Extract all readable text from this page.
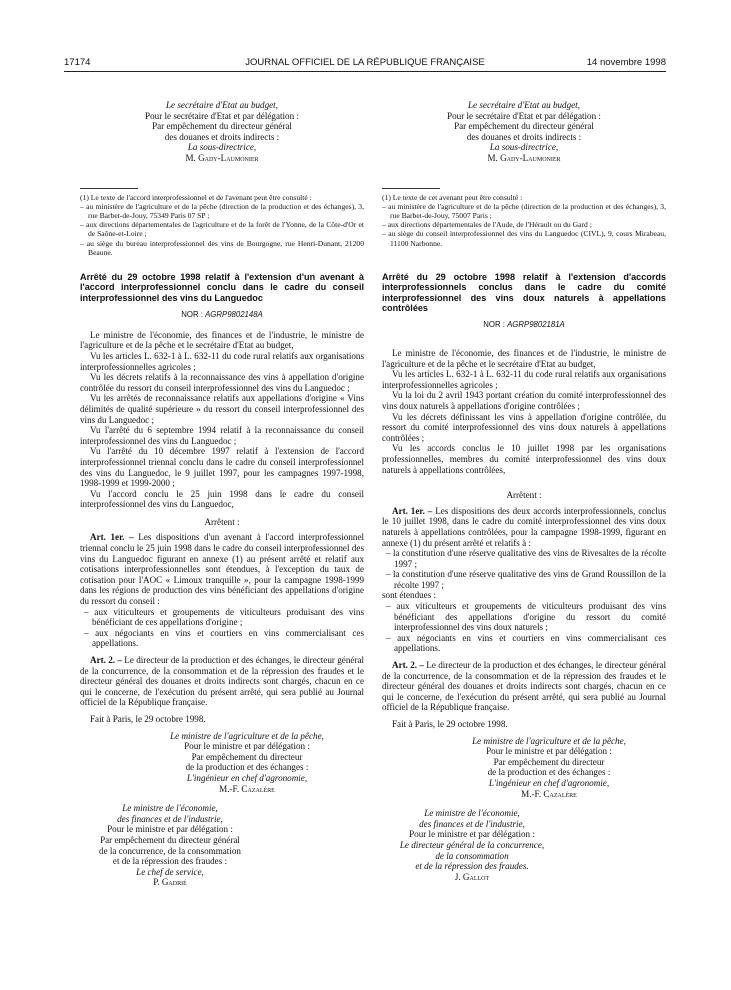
17174	JOURNAL OFFICIEL DE LA RÉPUBLIQUE FRANÇAISE	14 novembre 1998
Le secrétaire d'Etat au budget,
Pour le secrétaire d'Etat et par délégation :
Par empêchement du directeur général
des douanes et droits indirects :
La sous-directrice,
M. Gady-Laumonier

(1) Le texte de l'accord interprofessionnel et de l'avenant peut être consulté :

– au ministère de l'agriculture et de la pêche (direction de la production et des échanges), 3, rue Barbet-de-Jouy, 75349 Paris 07 SP ;

– aux directions départementales de l'agriculture et de la forêt de l'Yonne, de la Côte-d'Or et de Saône-et-Loire ;

– au siège du bureau interprofessionnel des vins de Bourgogne, rue Henri-Dunant, 21200 Beaune.

Arrêté du 29 octobre 1998 relatif à l'extension d'un avenant à l'accord interprofessionnel conclu dans le cadre du conseil interprofessionnel des vins du Languedoc

NOR : AGRP9802148A

Le ministre de l'économie, des finances et de l'industrie, le ministre de l'agriculture et de la pêche et le secrétaire d'Etat au budget,

Vu les articles L. 632-1 à L. 632-11 du code rural relatifs aux organisations interprofessionnelles agricoles ;

Vu les décrets relatifs à la reconnaissance des vins à appellation d'origine contrôlée du ressort du conseil interprofessionnel des vins du Languedoc ;

Vu les arrêtés de reconnaissance relatifs aux appellations d'origine « Vins délimités de qualité supérieure » du ressort du conseil interprofessionnel des vins du Languedoc ;

Vu l'arrêté du 6 septembre 1994 relatif à la reconnaissance du conseil interprofessionnel des vins du Languedoc ;

Vu l'arrêté du 10 décembre 1997 relatif à l'extension de l'accord interprofessionnel triennal conclu dans le cadre du conseil interprofessionnel des vins du Languedoc, le 9 juillet 1997, pour les campagnes 1997-1998, 1998-1999 et 1999-2000 ;

Vu l'accord conclu le 25 juin 1998 dans le cadre du conseil interprofessionnel des vins du Languedoc,

Arrêtent :

Art. 1er. – Les dispositions d'un avenant à l'accord interprofessionnel triennal conclu le 25 juin 1998 dans le cadre du conseil interprofessionnel des vins du Languedoc figurant en annexe (1) au présent arrêté et relatif aux cotisations interprofessionnelles sont étendues, à l'exception du taux de cotisation pour l'AOC « Limoux tranquille », pour la campagne 1998-1999 dans les régions de production des vins bénéficiant des appellations d'origine du ressort du conseil :

– aux viticulteurs et groupements de viticulteurs produisant des vins bénéficiant de ces appellations d'origine ;

– aux négociants en vins et courtiers en vins commercialisant ces appellations.

Art. 2. – Le directeur de la production et des échanges, le directeur général de la concurrence, de la consommation et de la répression des fraudes et le directeur général des douanes et droits indirects sont chargés, chacun en ce qui le concerne, de l'exécution du présent arrêté, qui sera publié au Journal officiel de la République française.

Fait à Paris, le 29 octobre 1998.

Le ministre de l'agriculture et de la pêche,
Pour le ministre et par délégation :
Par empêchement du directeur
de la production et des échanges :
L'ingénieur en chef d'agronomie,
M.-F. Cazalère
Le ministre de l'économie,
des finances et de l'industrie,
Pour le ministre et par délégation :
Par empêchement du directeur général
de la concurrence, de la consommation
et de la répression des fraudes :
Le chef de service,
P. Gadrié
Le secrétaire d'Etat au budget,
Pour le secrétaire d'Etat et par délégation :
Par empêchement du directeur général
des douanes et droits indirects :
La sous-directrice,
M. Gady-Laumonier

(1) Le texte de cet avenant peut être consulté :

– au ministère de l'agriculture et de la pêche (direction de la production et des échanges), 3, rue Barbet-de-Jouy, 75007 Paris ;

– aux directions départementales de l'Aude, de l'Hérault ou du Gard ;

– au siège du conseil interprofessionnel des vins du Languedoc (CIVL), 9, cours Mirabeau, 11100 Narbonne.

Arrêté du 29 octobre 1998 relatif à l'extension d'accords interprofessionnels conclus dans le cadre du comité interprofessionnel des vins doux naturels à appellations contrôlées

NOR : AGRP9802181A

Le ministre de l'économie, des finances et de l'industrie, le ministre de l'agriculture et de la pêche et le secrétaire d'Etat au budget,

Vu les articles L. 632-1 à L. 632-11 du code rural relatifs aux organisations interprofessionnelles agricoles ;

Vu la loi du 2 avril 1943 portant création du comité interprofessionnel des vins doux naturels à appellations d'origine contrôlées ;

Vu les décrets définissant les vins à appellation d'origine contrôlée, du ressort du comité interprofessionnel des vins doux naturels à appellations contrôlées ;

Vu les accords conclus le 10 juillet 1998 par les organisations professionnelles, membres du comité interprofessionnel des vins doux naturels à appellations contrôlées,

Arrêtent :

Art. 1er. – Les dispositions des deux accords interprofessionnels, conclus le 10 juillet 1998, dans le cadre du comité interprofessionnel des vins doux naturels à appellations contrôlées, pour la campagne 1998-1999, figurant en annexe (1) du présent arrêté et relatifs à :

– la constitution d'une réserve qualitative des vins de Rivesaltes de la récolte 1997 ;

– la constitution d'une réserve qualitative des vins de Grand Roussillon de la récolte 1997 ;

sont étendues :

– aux viticulteurs et groupements de viticulteurs produisant des vins bénéficiant des appellations d'origine du ressort du comité interprofessionnel des vins doux naturels ;

– aux négociants en vins et courtiers en vins commercialisant ces appellations.

Art. 2. – Le directeur de la production et des échanges, le directeur général de la concurrence, de la consommation et de la répression des fraudes et le directeur général des douanes et droits indirects sont chargés, chacun en ce qui le concerne, de l'exécution du présent arrêté, qui sera publié au Journal officiel de la République française.

Fait à Paris, le 29 octobre 1998.

Le ministre de l'agriculture et de la pêche,
Pour le ministre et par délégation :
Par empêchement du directeur
de la production et des échanges :
L'ingénieur en chef d'agronomie,
M.-F. Cazalère
Le ministre de l'économie,
des finances et de l'industrie,
Pour le ministre et par délégation :
Le directeur général de la concurrence,
de la consommation
et de la répression des fraudes.
J. Gallot
